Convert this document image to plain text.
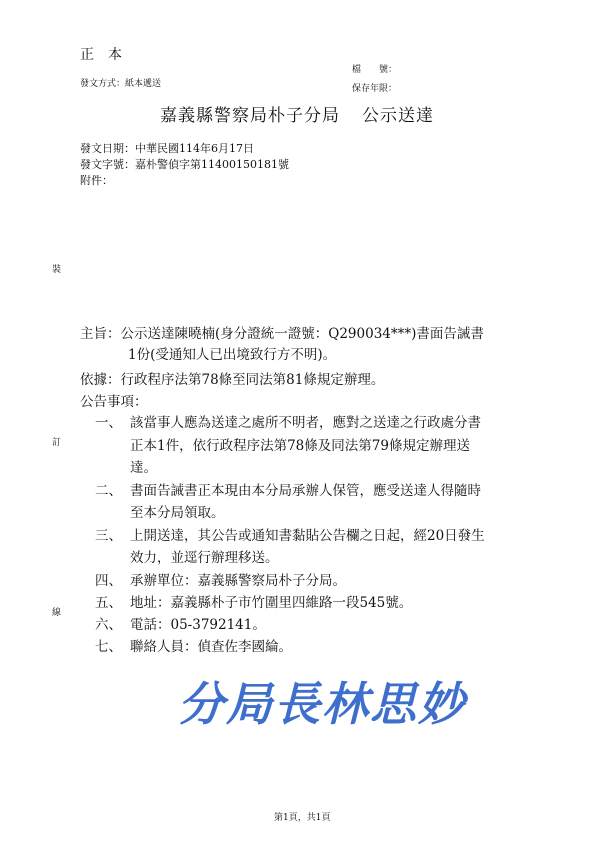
正　本
發文方式：紙本遞送
檔　　號：
保存年限：
嘉義縣警察局朴子分局 公示送達
發文日期：中華民國114年6月17日
發文字號：嘉朴警偵字第11400150181號
附件：
裝
訂
線
主旨：公示送達陳曉楠(身分證統一證號：Q290034***)書面告誡書
1份(受通知人已出境致行方不明)。
依據：行政程序法第78條至同法第81條規定辦理。
公告事項：
一、 該當事人應為送達之處所不明者，應對之送達之行政處分書
正本1件，依行政程序法第78條及同法第79條規定辦理送
達。
二、 書面告誡書正本現由本分局承辦人保管，應受送達人得隨時
至本分局領取。
三、 上開送達，其公告或通知書黏貼公告欄之日起，經20日發生
效力，並逕行辦理移送。
四、 承辦單位：嘉義縣警察局朴子分局。
五、 地址：嘉義縣朴子市竹圍里四維路一段545號。
六、 電話：05-3792141。
七、 聯絡人員：偵查佐李國綸。
分局長林思妙
第1頁，共1頁
